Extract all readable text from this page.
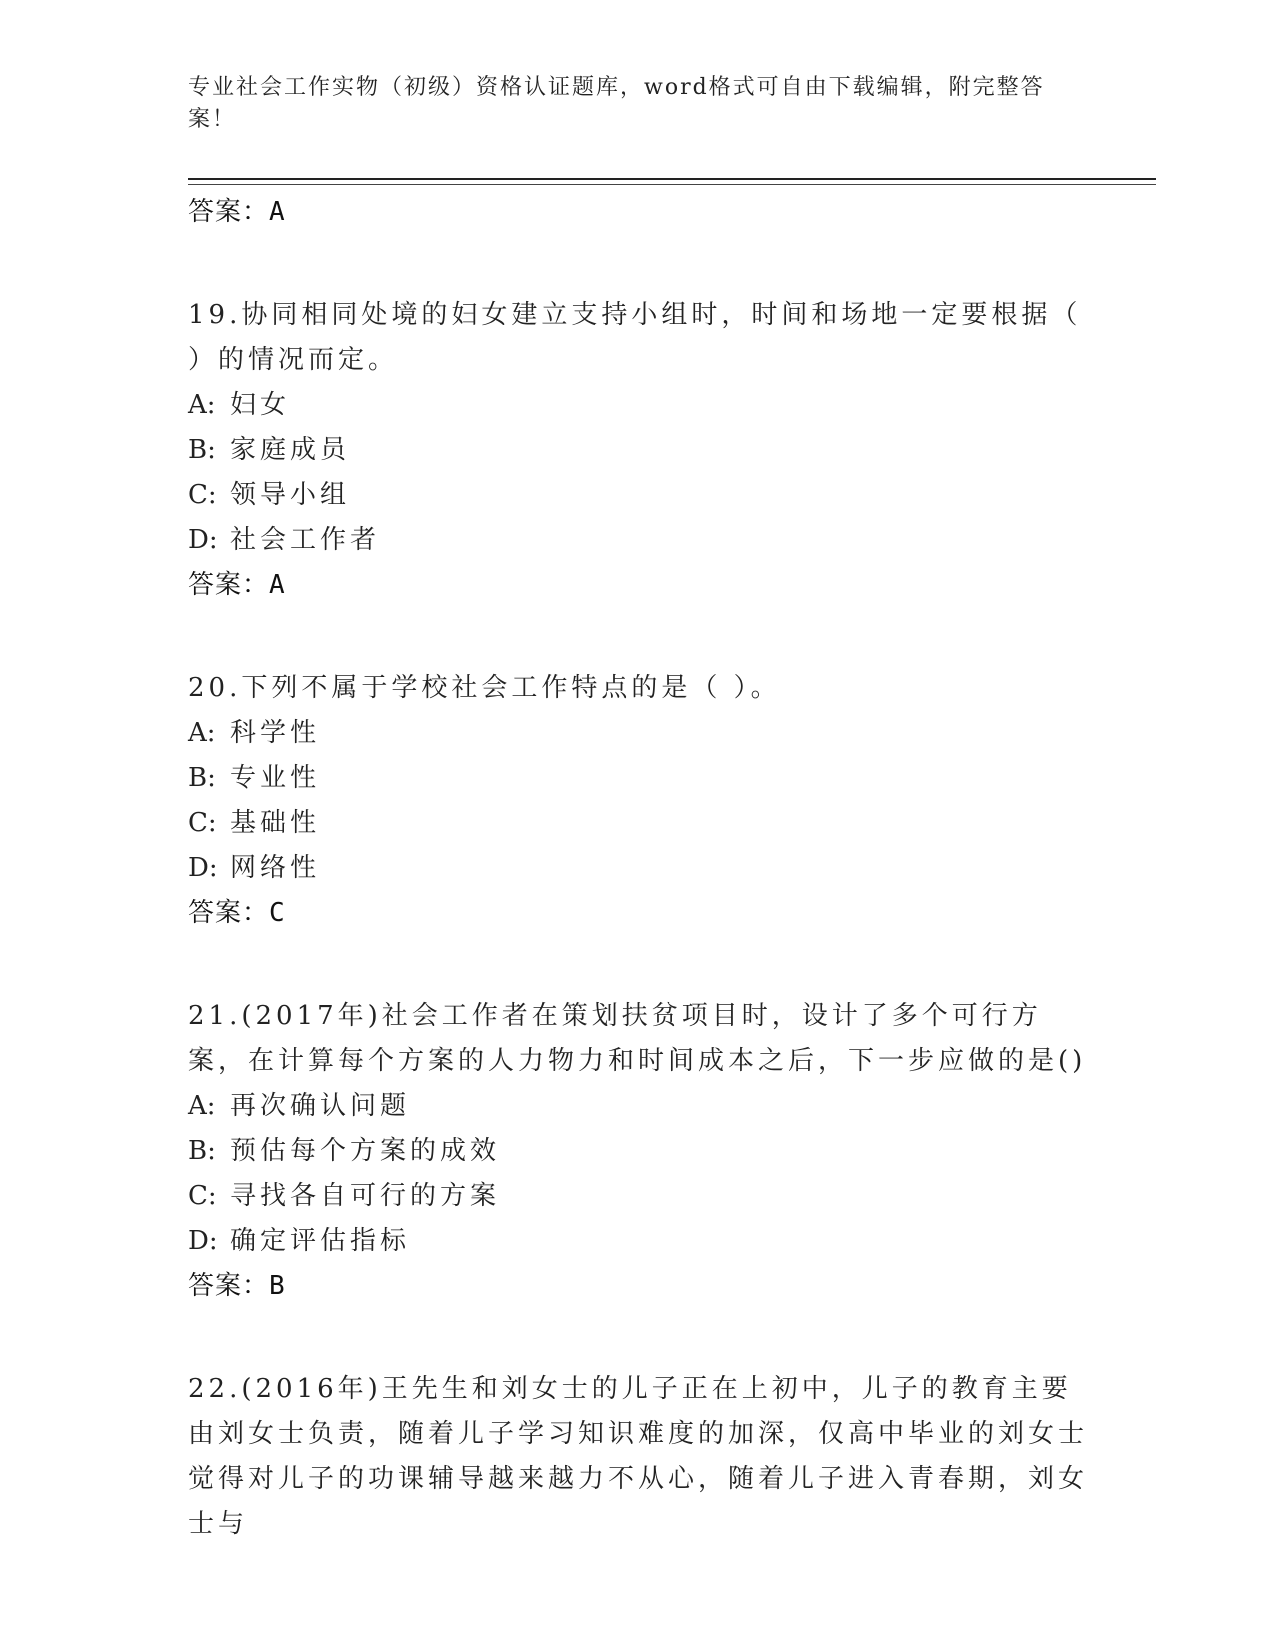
专业社会工作实物（初级）资格认证题库，word格式可自由下载编辑，附完整答案！
答案：A
19.协同相同处境的妇女建立支持小组时，时间和场地一定要根据（ ）的情况而定。
A: 妇女
B: 家庭成员
C: 领导小组
D: 社会工作者
答案：A
20.下列不属于学校社会工作特点的是（ ）。
A: 科学性
B: 专业性
C: 基础性
D: 网络性
答案：C
21.(2017年)社会工作者在策划扶贫项目时，设计了多个可行方案，在计算每个方案的人力物力和时间成本之后，下一步应做的是()
A: 再次确认问题
B: 预估每个方案的成效
C: 寻找各自可行的方案
D: 确定评估指标
答案：B
22.(2016年)王先生和刘女士的儿子正在上初中，儿子的教育主要由刘女士负责，随着儿子学习知识难度的加深，仅高中毕业的刘女士觉得对儿子的功课辅导越来越力不从心，随着儿子进入青春期，刘女士与
